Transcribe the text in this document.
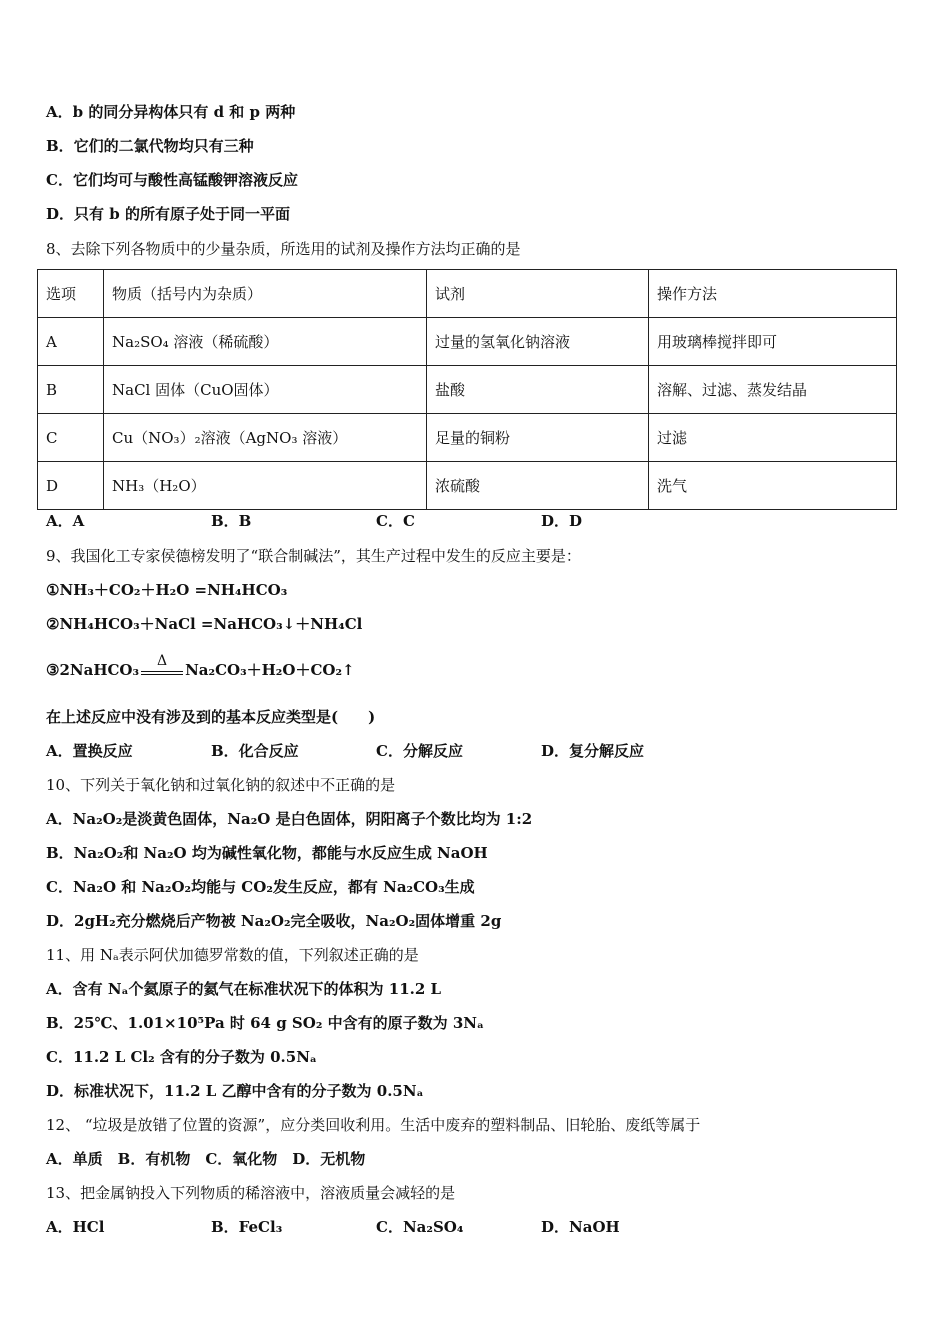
A．b 的同分异构体只有 d 和 p 两种
B．它们的二氯代物均只有三种
C．它们均可与酸性高锰酸钾溶液反应
D．只有 b 的所有原子处于同一平面
8、去除下列各物质中的少量杂质，所选用的试剂及操作方法均正确的是
选项	物质（括号内为杂质）	试剂	操作方法
A	Na₂SO₄ 溶液（稀硫酸）	过量的氢氧化钠溶液	用玻璃棒搅拌即可
B	NaCl 固体（CuO固体）	盐酸	溶解、过滤、蒸发结晶
C	Cu（NO₃）₂溶液（AgNO₃ 溶液）	足量的铜粉	过滤
D	NH₃（H₂O）	浓硫酸	洗气
A．A	B．B	C．C	D．D
9、我国化工专家侯德榜发明了“联合制碱法”，其生产过程中发生的反应主要是：
①NH₃＋CO₂＋H₂O =NH₄HCO₃
②NH₄HCO₃＋NaCl =NaHCO₃↓＋NH₄Cl
③2NaHCO₃	Δ	Na₂CO₃＋H₂O＋CO₂↑
在上述反应中没有涉及到的基本反应类型是(　　)
A．置换反应	B．化合反应	C．分解反应	D．复分解反应
10、下列关于氧化钠和过氧化钠的叙述中不正确的是
A．Na₂O₂是淡黄色固体，Na₂O 是白色固体，阴阳离子个数比均为 1:2
B．Na₂O₂和 Na₂O 均为碱性氧化物，都能与水反应生成 NaOH
C．Na₂O 和 Na₂O₂均能与 CO₂发生反应，都有 Na₂CO₃生成
D．2gH₂充分燃烧后产物被 Na₂O₂完全吸收，Na₂O₂固体增重 2g
11、用 Nₐ表示阿伏加德罗常数的值，下列叙述正确的是
A．含有 Nₐ个氦原子的氦气在标准状况下的体积为 11.2 L
B．25℃、1.01×10⁵Pa 时 64 g SO₂ 中含有的原子数为 3Nₐ
C．11.2 L Cl₂ 含有的分子数为 0.5Nₐ
D．标准状况下，11.2 L 乙醇中含有的分子数为 0.5Nₐ
12、 “垃圾是放错了位置的资源”，应分类回收利用。生活中废弃的塑料制品、旧轮胎、废纸等属于
A．单质　B．有机物　C．氧化物　D．无机物
13、把金属钠投入下列物质的稀溶液中，溶液质量会减轻的是
A．HCl	B．FeCl₃	C．Na₂SO₄	D．NaOH
